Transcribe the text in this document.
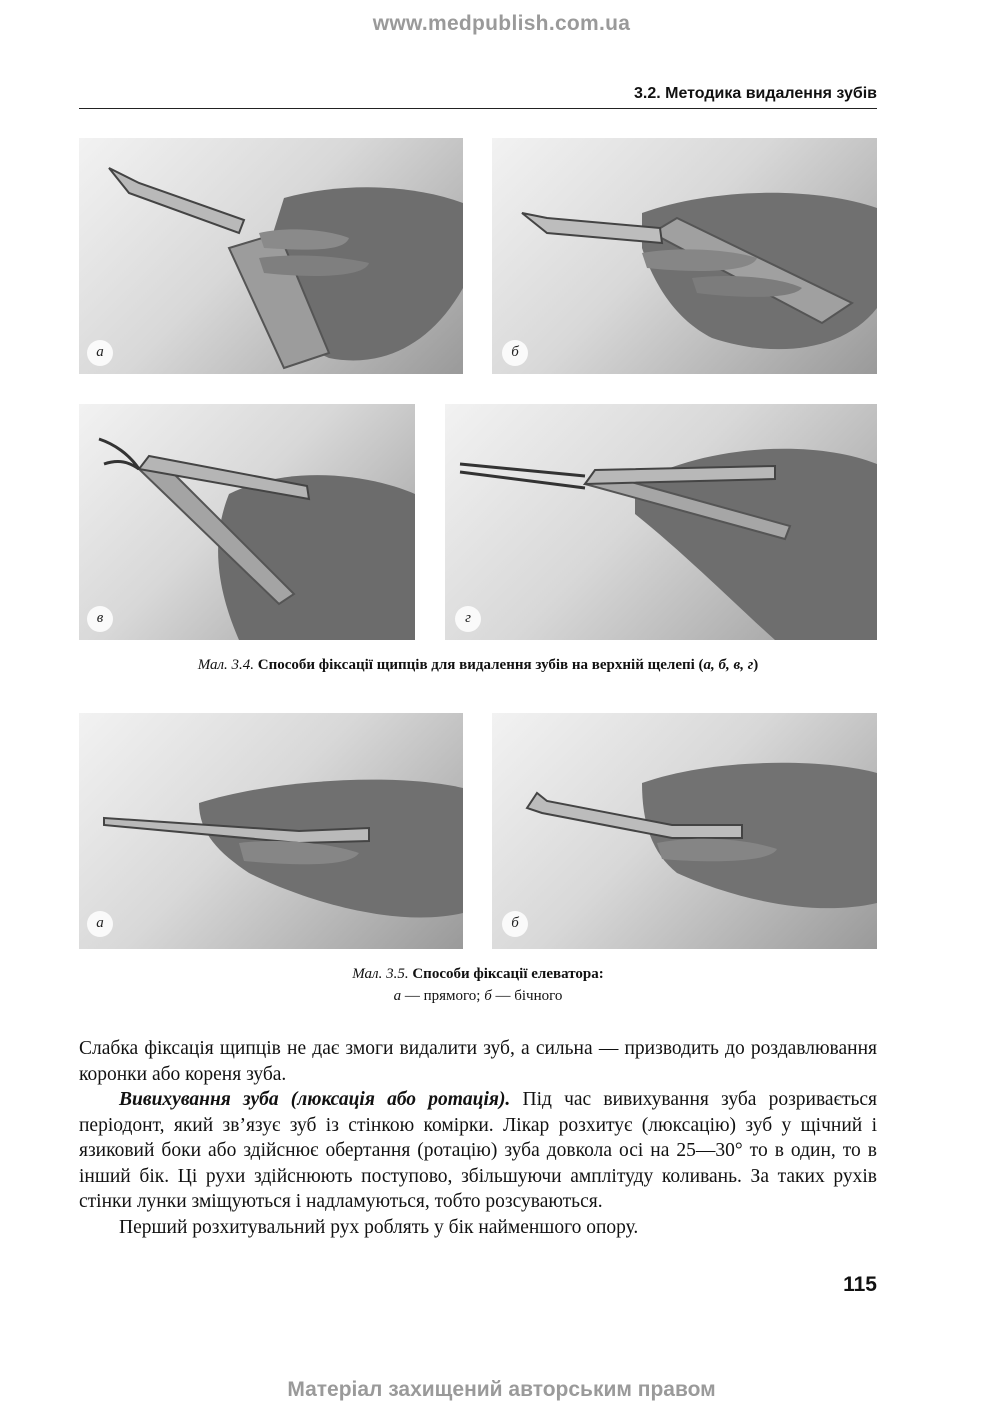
www.medpublish.com.ua
3.2. Методика видалення зубів
а	б
в	г
Мал. 3.4. Способи фіксації щипців для видалення зубів на верхній щелепі (а, б, в, г)
а	б
Мал. 3.5. Способи фіксації елеватора:
а — прямого; б — бічного

Слабка фіксація щипців не дає змоги видалити зуб, а сильна — призводить до роздавлювання коронки або кореня зуба.

Вивихування зуба (люксація або ротація). Під час вивихування зуба розривається періодонт, який зв’язує зуб із стінкою комірки. Лікар розхитує (люксацію) зуб у щічний і язиковий боки або здійснює обертання (ротацію) зуба довкола осі на 25—30° то в один, то в інший бік. Ці рухи здійснюють поступово, збільшуючи амплітуду коливань. За таких рухів стінки лунки зміщуються і надламуються, тобто розсуваються.

Перший розхитувальний рух роблять у бік найменшого опору.

115
Матеріал захищений авторським правом
